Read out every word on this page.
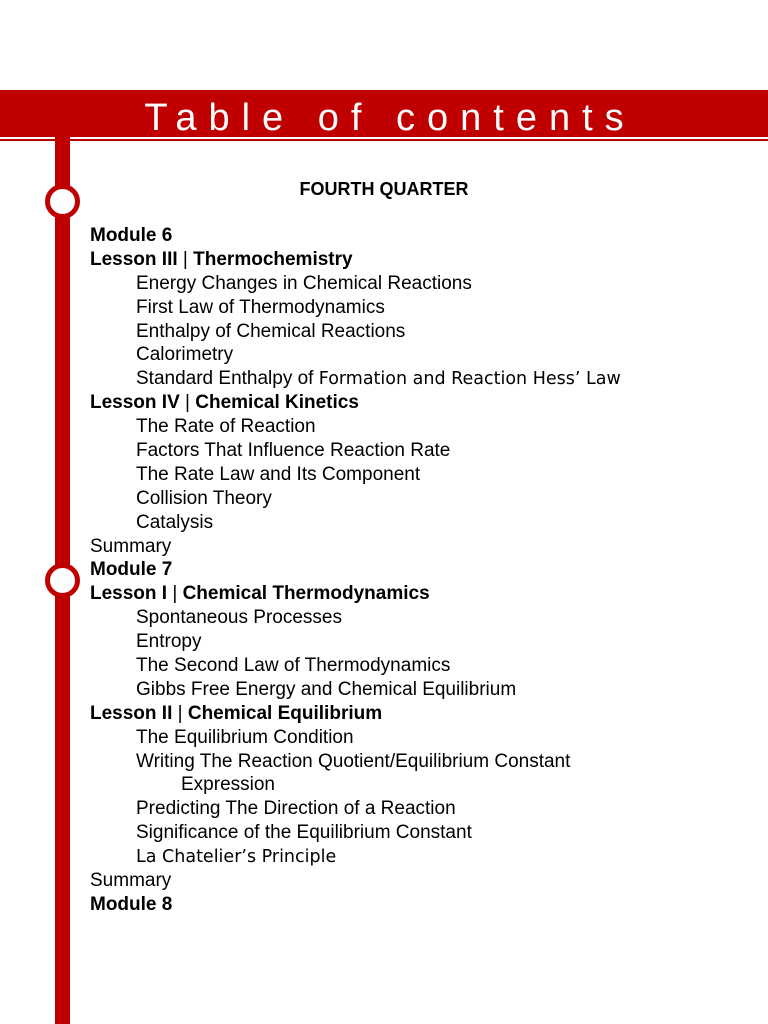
Table of contents
FOURTH QUARTER
Module 6
Lesson III | Thermochemistry
Energy Changes in Chemical Reactions
First Law of Thermodynamics
Enthalpy of Chemical Reactions
Calorimetry
Standard Enthalpy of Formation and Reaction Hess’ Law
Lesson IV | Chemical Kinetics
The Rate of Reaction
Factors That Influence Reaction Rate
The Rate Law and Its Component
Collision Theory
Catalysis
Summary
Module 7
Lesson I | Chemical Thermodynamics
Spontaneous Processes
Entropy
The Second Law of Thermodynamics
Gibbs Free Energy and Chemical Equilibrium
Lesson II | Chemical Equilibrium
The Equilibrium Condition
Writing The Reaction Quotient/Equilibrium Constant
Expression
Predicting The Direction of a Reaction
Significance of the Equilibrium Constant
La Chatelier’s Principle
Summary
Module 8
